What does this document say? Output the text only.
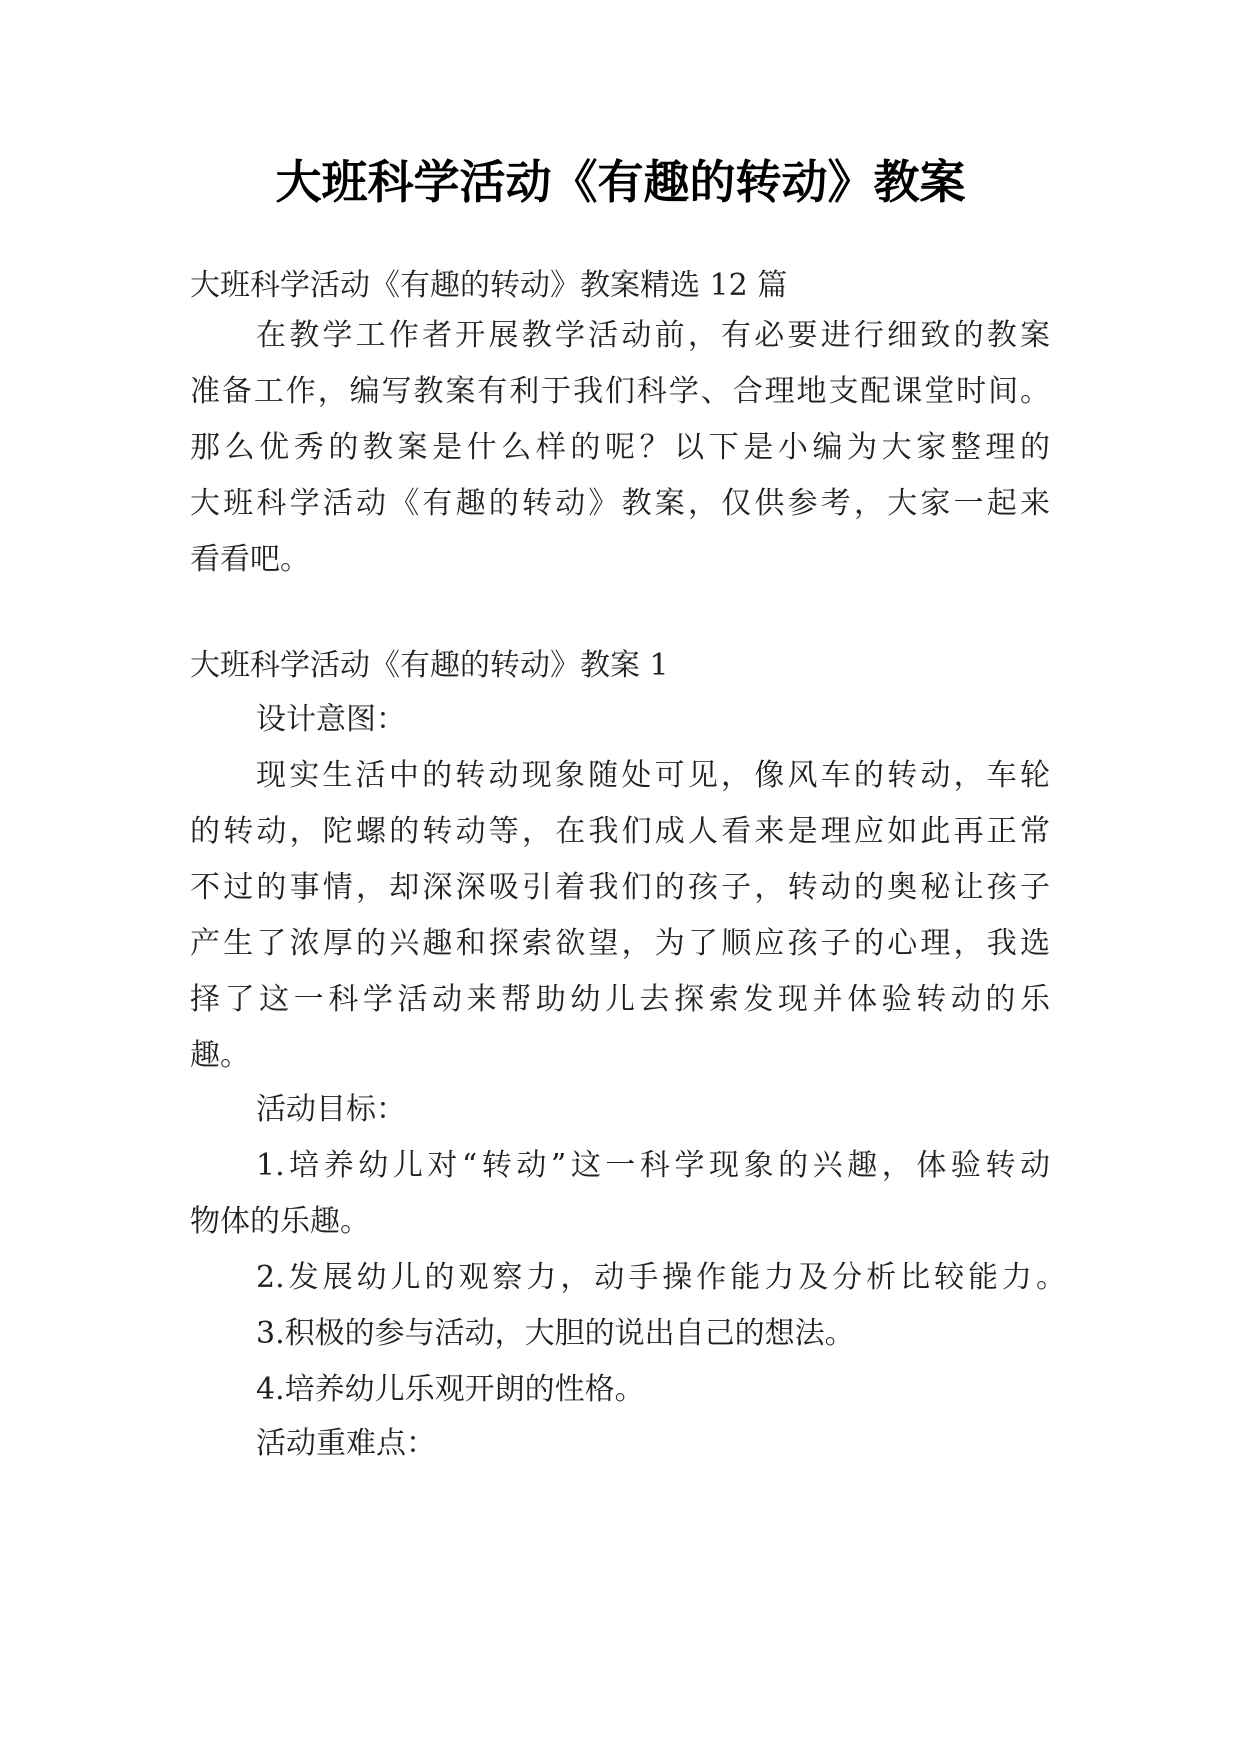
大班科学活动《有趣的转动》教案
大班科学活动《有趣的转动》教案精选 12 篇
在教学工作者开展教学活动前，有必要进行细致的教案
准备工作，编写教案有利于我们科学、合理地支配课堂时间。
那么优秀的教案是什么样的呢？以下是小编为大家整理的
大班科学活动《有趣的转动》教案，仅供参考，大家一起来
看看吧。
大班科学活动《有趣的转动》教案 1
设计意图：
现实生活中的转动现象随处可见，像风车的转动，车轮
的转动，陀螺的转动等，在我们成人看来是理应如此再正常
不过的事情，却深深吸引着我们的孩子，转动的奥秘让孩子
产生了浓厚的兴趣和探索欲望，为了顺应孩子的心理，我选
择了这一科学活动来帮助幼儿去探索发现并体验转动的乐
趣。
活动目标：
1.培养幼儿对“转动”这一科学现象的兴趣，体验转动
物体的乐趣。
2.发展幼儿的观察力，动手操作能力及分析比较能力。
3.积极的参与活动，大胆的说出自己的想法。
4.培养幼儿乐观开朗的性格。
活动重难点：
